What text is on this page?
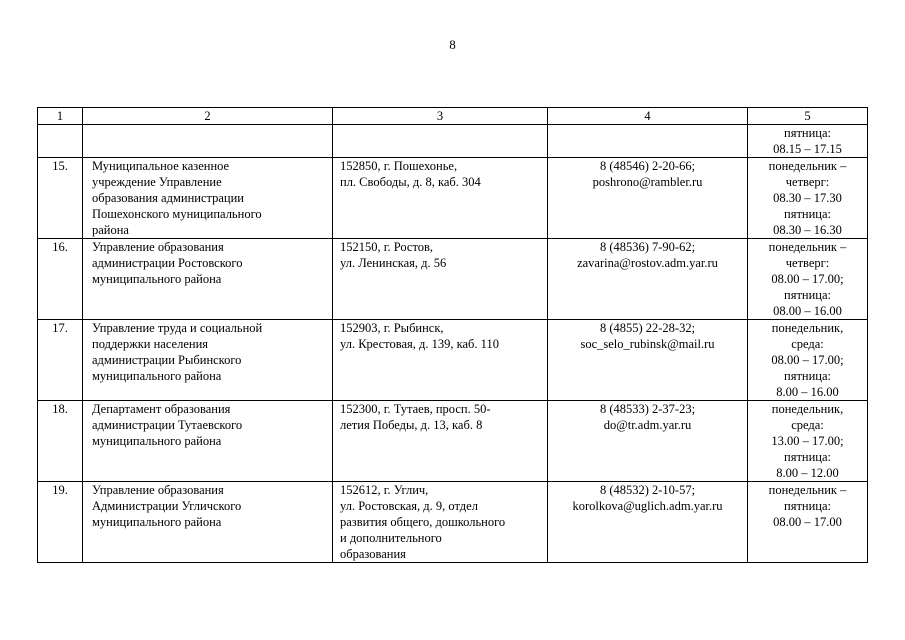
8
1	2	3	4	5

				пятница:
08.15 – 17.15

15.	Муниципальное казенное
учреждение Управление
образования администрации
Пошехонского муниципального
района	152850, г. Пошехонье,
пл. Свободы, д. 8, каб. 304	8 (48546) 2-20-66;
poshrono@rambler.ru	понедельник –
четверг:
08.30 – 17.30
пятница:
08.30 – 16.30

16.	Управление образования
администрации Ростовского
муниципального района	152150, г. Ростов,
ул. Ленинская, д. 56	8 (48536) 7-90-62;
zavarina@rostov.adm.yar.ru	понедельник –
четверг:
08.00 – 17.00;
пятница:
08.00 – 16.00

17.	Управление труда и социальной
поддержки населения
администрации Рыбинского
муниципального района	152903, г. Рыбинск,
ул. Крестовая, д. 139, каб. 110	8 (4855) 22-28-32;
soc_selo_rubinsk@mail.ru	понедельник,
среда:
08.00 – 17.00;
пятница:
8.00 – 16.00

18.	Департамент образования
администрации Тутаевского
муниципального района	152300, г. Тутаев, просп. 50-
летия Победы, д. 13, каб. 8	8 (48533) 2-37-23;
do@tr.adm.yar.ru	понедельник,
среда:
13.00 – 17.00;
пятница:
8.00 – 12.00

19.	Управление образования
Администрации Угличского
муниципального района	152612, г. Углич,
ул. Ростовская, д. 9, отдел
развития общего, дошкольного
и дополнительного
образования	8 (48532) 2-10-57;
korolkova@uglich.adm.yar.ru	понедельник –
пятница:
08.00 – 17.00
